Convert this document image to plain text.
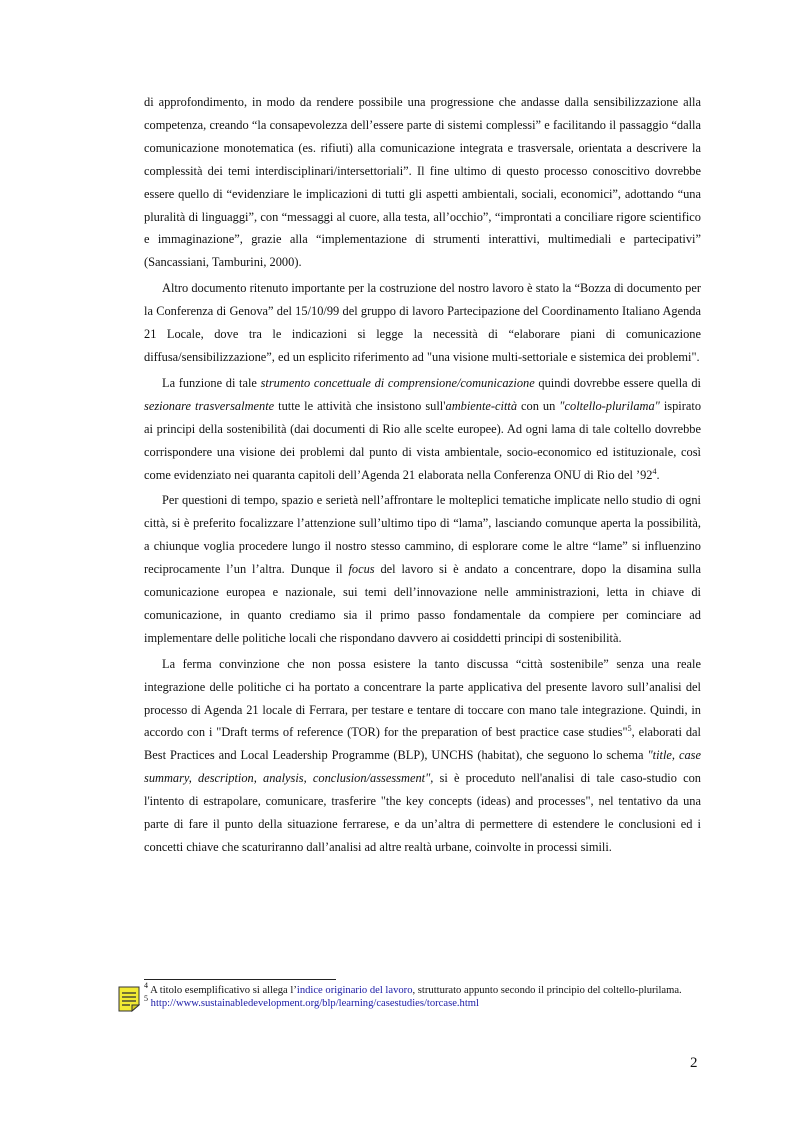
di approfondimento, in modo da rendere possibile una progressione che andasse dalla sensibilizzazione alla competenza, creando “la consapevolezza dell’essere parte di sistemi complessi” e facilitando il passaggio “dalla comunicazione monotematica (es. rifiuti) alla comunicazione integrata e trasversale, orientata a descrivere la complessità dei temi interdisciplinari/intersettoriali”. Il fine ultimo di questo processo conoscitivo dovrebbe essere quello di “evidenziare le implicazioni di tutti gli aspetti ambientali, sociali, economici”, adottando “una pluralità di linguaggi”, con “messaggi al cuore, alla testa, all’occhio”, “improntati a conciliare rigore scientifico e immaginazione”, grazie alla “implementazione di strumenti interattivi, multimediali e partecipativi” (Sancassiani, Tamburini, 2000).

Altro documento ritenuto importante per la costruzione del nostro lavoro è stato la “Bozza di documento per la Conferenza di Genova” del 15/10/99 del gruppo di lavoro Partecipazione del Coordinamento Italiano Agenda 21 Locale, dove tra le indicazioni si legge la necessità di “elaborare piani di comunicazione diffusa/sensibilizzazione”, ed un esplicito riferimento ad "una visione multi-settoriale e sistemica dei problemi".

La funzione di tale strumento concettuale di comprensione/comunicazione quindi dovrebbe essere quella di sezionare trasversalmente tutte le attività che insistono sull'ambiente-città con un "coltello-plurilama" ispirato ai principi della sostenibilità (dai documenti di Rio alle scelte europee). Ad ogni lama di tale coltello dovrebbe corrispondere una visione dei problemi dal punto di vista ambientale, socio-economico ed istituzionale, così come evidenziato nei quaranta capitoli dell’Agenda 21 elaborata nella Conferenza ONU di Rio del $’92^4$.

Per questioni di tempo, spazio e serietà nell’affrontare le molteplici tematiche implicate nello studio di ogni città, si è preferito focalizzare l’attenzione sull’ultimo tipo di “lama”, lasciando comunque aperta la possibilità, a chiunque voglia procedere lungo il nostro stesso cammino, di esplorare come le altre “lame” si influenzino reciprocamente l’un l’altra. Dunque il focus del lavoro si è andato a concentrare, dopo la disamina sulla comunicazione europea e nazionale, sui temi dell’innovazione nelle amministrazioni, letta in chiave di comunicazione, in quanto crediamo sia il primo passo fondamentale da compiere per cominciare ad implementare delle politiche locali che rispondano davvero ai cosiddetti principi di sostenibilità.

La ferma convinzione che non possa esistere la tanto discussa “città sostenibile” senza una reale integrazione delle politiche ci ha portato a concentrare la parte applicativa del presente lavoro sull’analisi del processo di Agenda 21 locale di Ferrara, per testare e tentare di toccare con mano tale integrazione. Quindi, in accordo con i "Draft terms of reference (TOR) for the preparation of best practice case studies"$^5$, elaborati dal Best Practices and Local Leadership Programme (BLP), UNCHS (habitat), che seguono lo schema "title, case summary, description, analysis, conclusion/assessment", si è proceduto nell'analisi di tale caso-studio con l'intento di estrapolare, comunicare, trasferire "the key concepts (ideas) and processes", nel tentativo da una parte di fare il punto della situazione ferrarese, e da un’altra di permettere di estendere le conclusioni ed i concetti chiave che scaturiranno dall’analisi ad altre realtà urbane, coinvolte in processi simili.

$^4$ A titolo esemplificativo si allega l’indice originario del lavoro, strutturato appunto secondo il principio del coltello-plurilama.

$^5$ http://www.sustainabledevelopment.org/blp/learning/casestudies/torcase.html

2
